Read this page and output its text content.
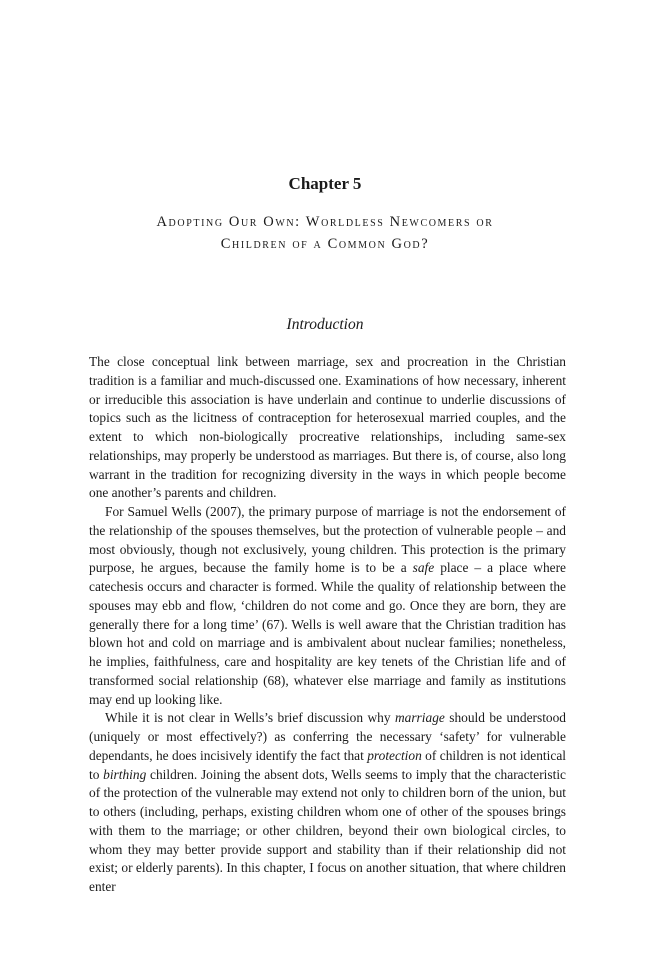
Chapter 5
Adopting Our Own: Worldless Newcomers or
Children of a Common God?
Introduction

The close conceptual link between marriage, sex and procreation in the Christian tradition is a familiar and much-discussed one. Examinations of how necessary, inherent or irreducible this association is have underlain and continue to underlie discussions of topics such as the licitness of contraception for heterosexual married couples, and the extent to which non-biologically procreative relationships, including same-sex relationships, may properly be understood as marriages. But there is, of course, also long warrant in the tradition for recognizing diversity in the ways in which people become one another’s parents and children.

For Samuel Wells (2007), the primary purpose of marriage is not the endorsement of the relationship of the spouses themselves, but the protection of vulnerable people – and most obviously, though not exclusively, young children. This protection is the primary purpose, he argues, because the family home is to be a safe place – a place where catechesis occurs and character is formed. While the quality of relationship between the spouses may ebb and flow, ‘children do not come and go. Once they are born, they are generally there for a long time’ (67). Wells is well aware that the Christian tradition has blown hot and cold on marriage and is ambivalent about nuclear families; nonetheless, he implies, faithfulness, care and hospitality are key tenets of the Christian life and of transformed social relationship (68), whatever else marriage and family as institutions may end up looking like.

While it is not clear in Wells’s brief discussion why marriage should be understood (uniquely or most effectively?) as conferring the necessary ‘safety’ for vulnerable dependants, he does incisively identify the fact that protection of children is not identical to birthing children. Joining the absent dots, Wells seems to imply that the characteristic of the protection of the vulnerable may extend not only to children born of the union, but to others (including, perhaps, existing children whom one of other of the spouses brings with them to the marriage; or other children, beyond their own biological circles, to whom they may better provide support and stability than if their relationship did not exist; or elderly parents). In this chapter, I focus on another situation, that where children enter
